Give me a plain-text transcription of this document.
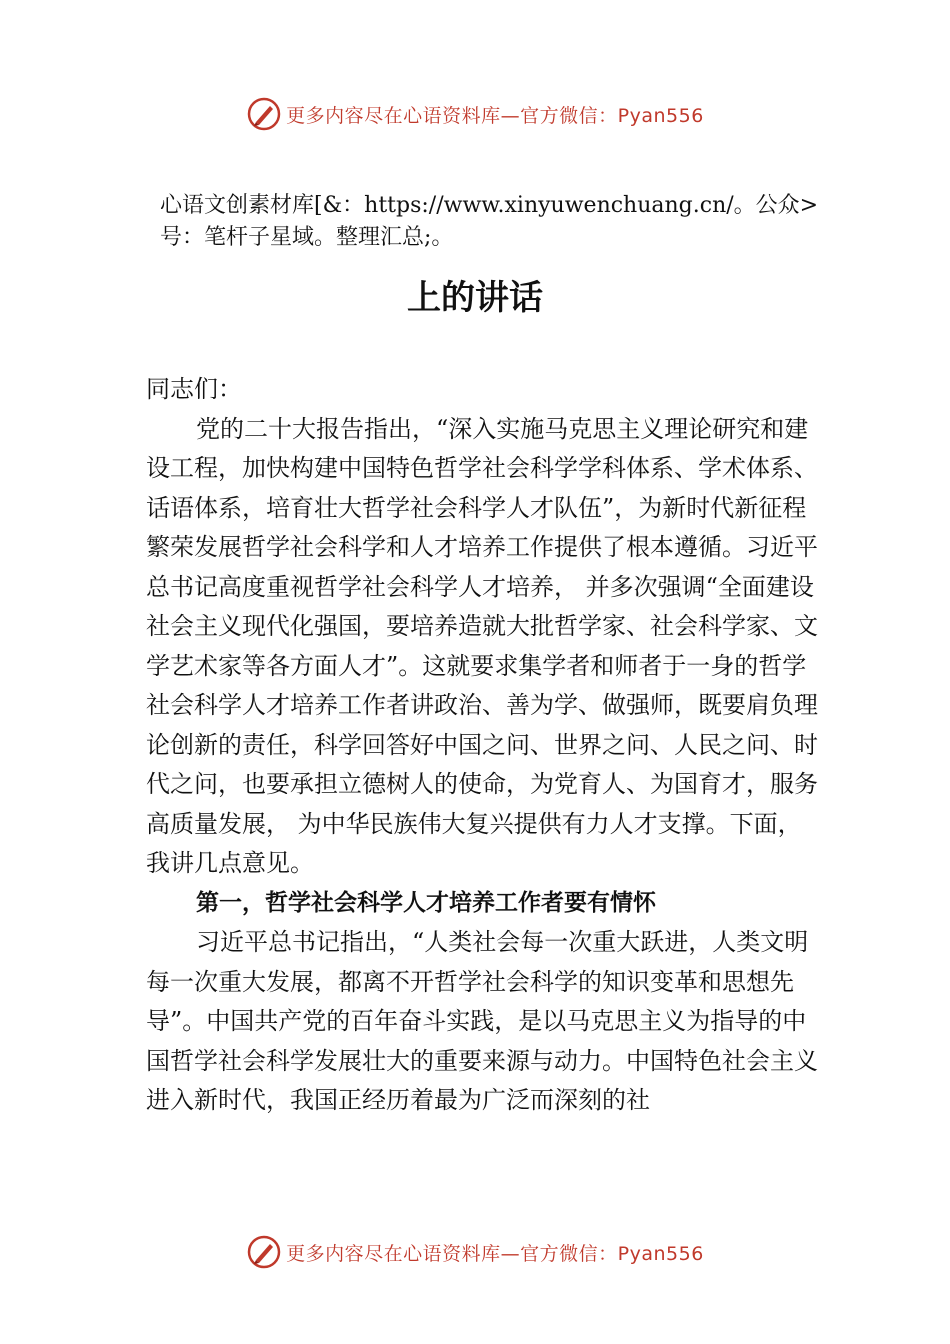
更多内容尽在心语资料库—官方微信：Pyan556
心语文创素材库[&：https://www.xinyuwenchuang.cn/。公众>号：笔杆子星域。整理汇总;。
上的讲话

同志们：

党的二十大报告指出，“深入实施马克思主义理论研究和建设工程，加快构建中国特色哲学社会科学学科体系、学术体系、话语体系，培育壮大哲学社会科学人才队伍”，为新时代新征程繁荣发展哲学社会科学和人才培养工作提供了根本遵循。习近平总书记高度重视哲学社会科学人才培养， 并多次强调“全面建设社会主义现代化强国，要培养造就大批哲学家、社会科学家、文学艺术家等各方面人才”。这就要求集学者和师者于一身的哲学社会科学人才培养工作者讲政治、善为学、做强师，既要肩负理论创新的责任，科学回答好中国之问、世界之问、人民之问、时代之问，也要承担立德树人的使命，为党育人、为国育才，服务高质量发展， 为中华民族伟大复兴提供有力人才支撑。下面，我讲几点意见。

第一，哲学社会科学人才培养工作者要有情怀

习近平总书记指出，“人类社会每一次重大跃进，人类文明每一次重大发展，都离不开哲学社会科学的知识变革和思想先导”。中国共产党的百年奋斗实践，是以马克思主义为指导的中国哲学社会科学发展壮大的重要来源与动力。中国特色社会主义进入新时代，我国正经历着最为广泛而深刻的社

更多内容尽在心语资料库—官方微信：Pyan556
